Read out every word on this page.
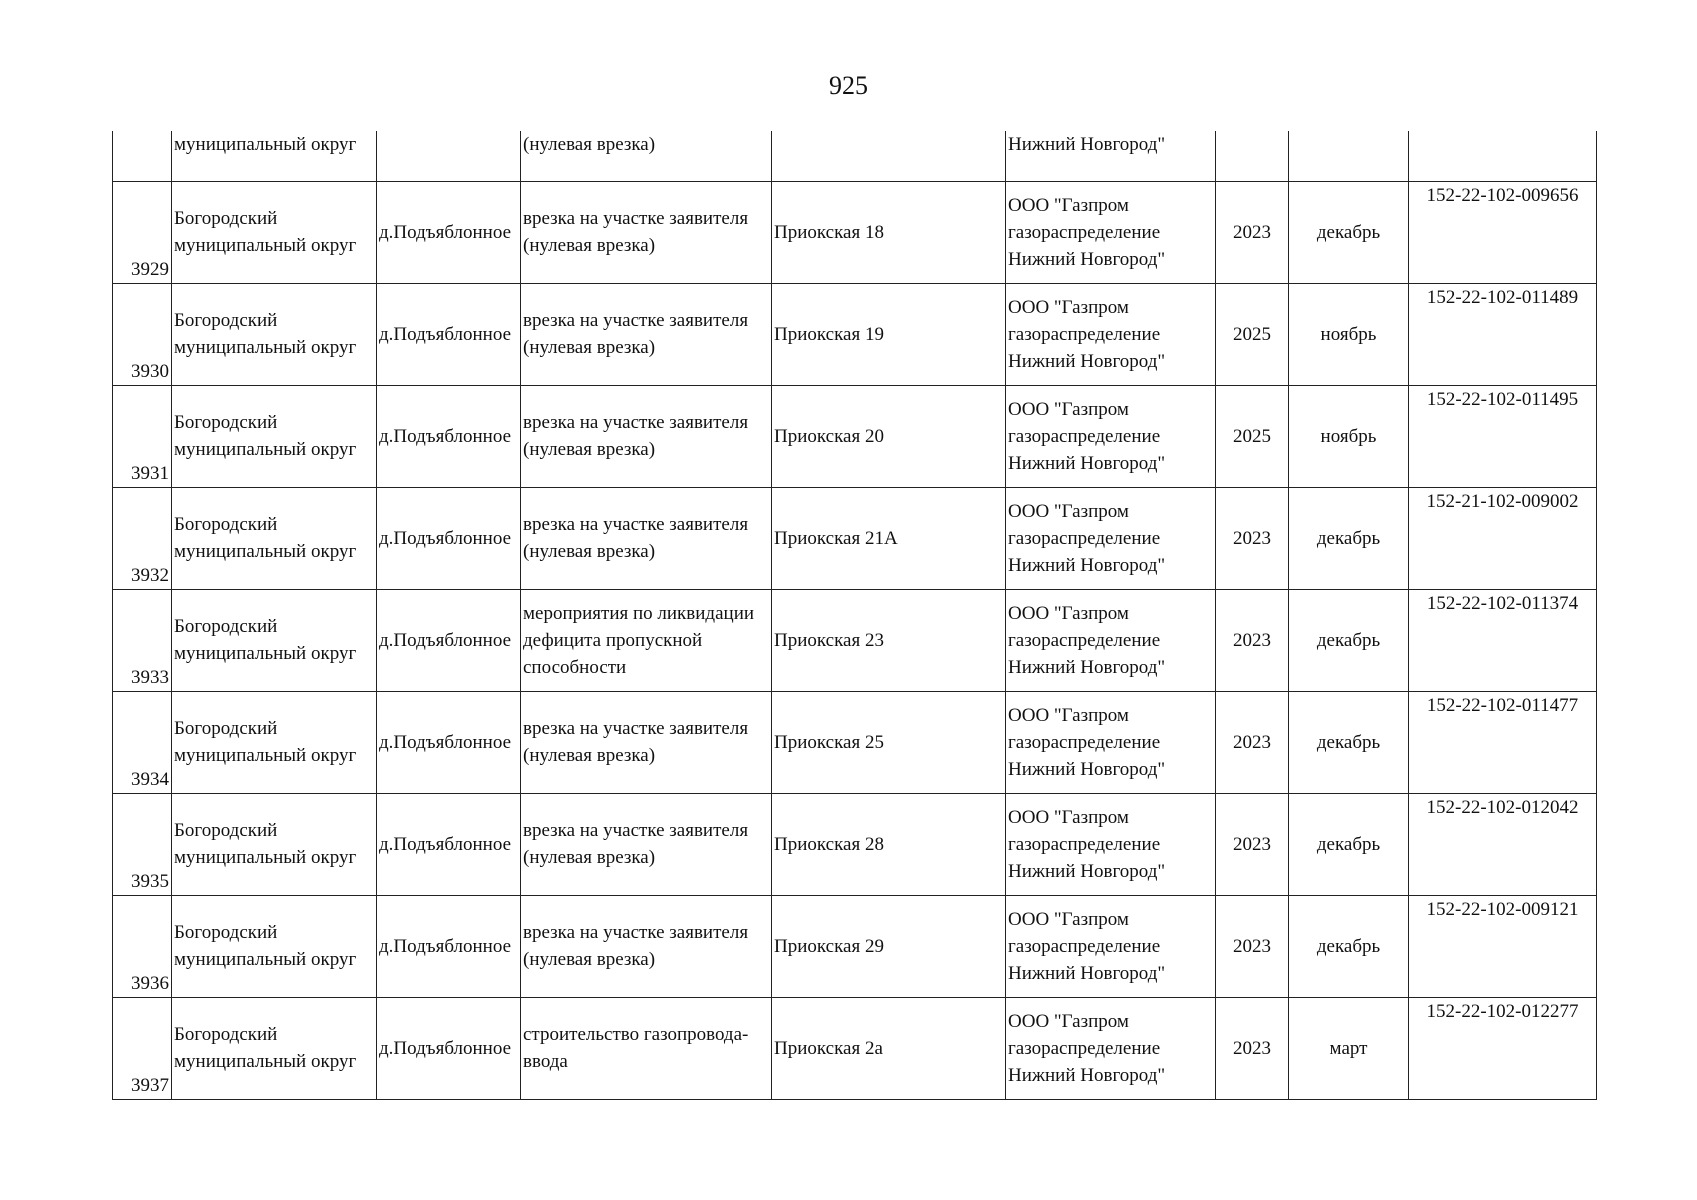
925
	муниципальный округ		(нулевая врезка)		Нижний Новгород"			
3929	Богородский муниципальный округ	д.Подъяблонное	врезка на участке заявителя (нулевая врезка)	Приокская 18	ООО "Газпром газораспределение Нижний Новгород"	2023	декабрь	152-22-102-009656
3930	Богородский муниципальный округ	д.Подъяблонное	врезка на участке заявителя (нулевая врезка)	Приокская 19	ООО "Газпром газораспределение Нижний Новгород"	2025	ноябрь	152-22-102-011489
3931	Богородский муниципальный округ	д.Подъяблонное	врезка на участке заявителя (нулевая врезка)	Приокская 20	ООО "Газпром газораспределение Нижний Новгород"	2025	ноябрь	152-22-102-011495
3932	Богородский муниципальный округ	д.Подъяблонное	врезка на участке заявителя (нулевая врезка)	Приокская 21А	ООО "Газпром газораспределение Нижний Новгород"	2023	декабрь	152-21-102-009002
3933	Богородский муниципальный округ	д.Подъяблонное	мероприятия по ликвидации дефицита пропускной способности	Приокская 23	ООО "Газпром газораспределение Нижний Новгород"	2023	декабрь	152-22-102-011374
3934	Богородский муниципальный округ	д.Подъяблонное	врезка на участке заявителя (нулевая врезка)	Приокская 25	ООО "Газпром газораспределение Нижний Новгород"	2023	декабрь	152-22-102-011477
3935	Богородский муниципальный округ	д.Подъяблонное	врезка на участке заявителя (нулевая врезка)	Приокская 28	ООО "Газпром газораспределение Нижний Новгород"	2023	декабрь	152-22-102-012042
3936	Богородский муниципальный округ	д.Подъяблонное	врезка на участке заявителя (нулевая врезка)	Приокская 29	ООО "Газпром газораспределение Нижний Новгород"	2023	декабрь	152-22-102-009121
3937	Богородский муниципальный округ	д.Подъяблонное	строительство газопровода-ввода	Приокская 2а	ООО "Газпром газораспределение Нижний Новгород"	2023	март	152-22-102-012277
